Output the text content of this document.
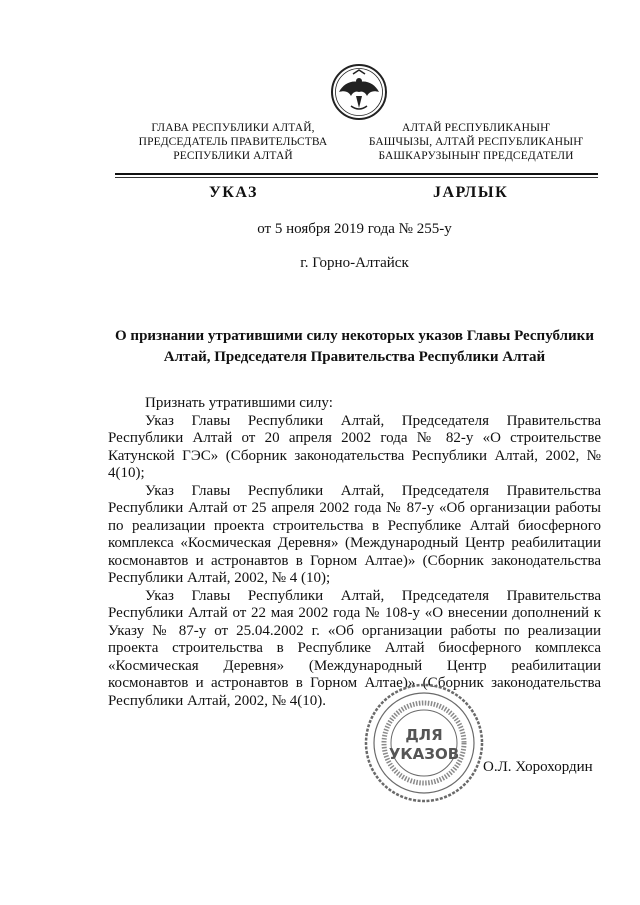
ГЛАВА РЕСПУБЛИКИ АЛТАЙ,
ПРЕДСЕДАТЕЛЬ ПРАВИТЕЛЬСТВА
РЕСПУБЛИКИ АЛТАЙ
АЛТАЙ РЕСПУБЛИКАНЫҤ
БАШЧЫЗЫ, АЛТАЙ РЕСПУБЛИКАНЫҤ
БАШКАРУЗЫНЫҤ ПРЕДСЕДАТЕЛИ
УКАЗ	ЈАРЛЫК
от 5 ноября 2019 года № 255-у
г. Горно-Алтайск
О признании утратившими силу некоторых указов Главы Республики Алтай, Председателя Правительства Республики Алтай

Признать утратившими силу:

Указ Главы Республики Алтай, Председателя Правительства Республики Алтай от 20 апреля 2002 года № 82-у «О строительстве Катунской ГЭС» (Сборник законодательства Республики Алтай, 2002, № 4(10);

Указ Главы Республики Алтай, Председателя Правительства Республики Алтай от 25 апреля 2002 года № 87-у «Об организации работы по реализации проекта строительства в Республике Алтай биосферного комплекса «Космическая Деревня» (Международный Центр реабилитации космонавтов и астронавтов в Горном Алтае)» (Сборник законодательства Республики Алтай, 2002, № 4 (10);

Указ Главы Республики Алтай, Председателя Правительства Республики Алтай от 22 мая 2002 года № 108-у «О внесении дополнений к Указу № 87-у от 25.04.2002 г. «Об организации работы по реализации проекта строительства в Республике Алтай биосферного комплекса «Космическая Деревня» (Международный Центр реабилитации космонавтов и астронавтов в Горном Алтае)» (Сборник законодательства Республики Алтай, 2002, № 4(10).

ДЛЯ
УКАЗОВ
О.Л. Хорохордин
